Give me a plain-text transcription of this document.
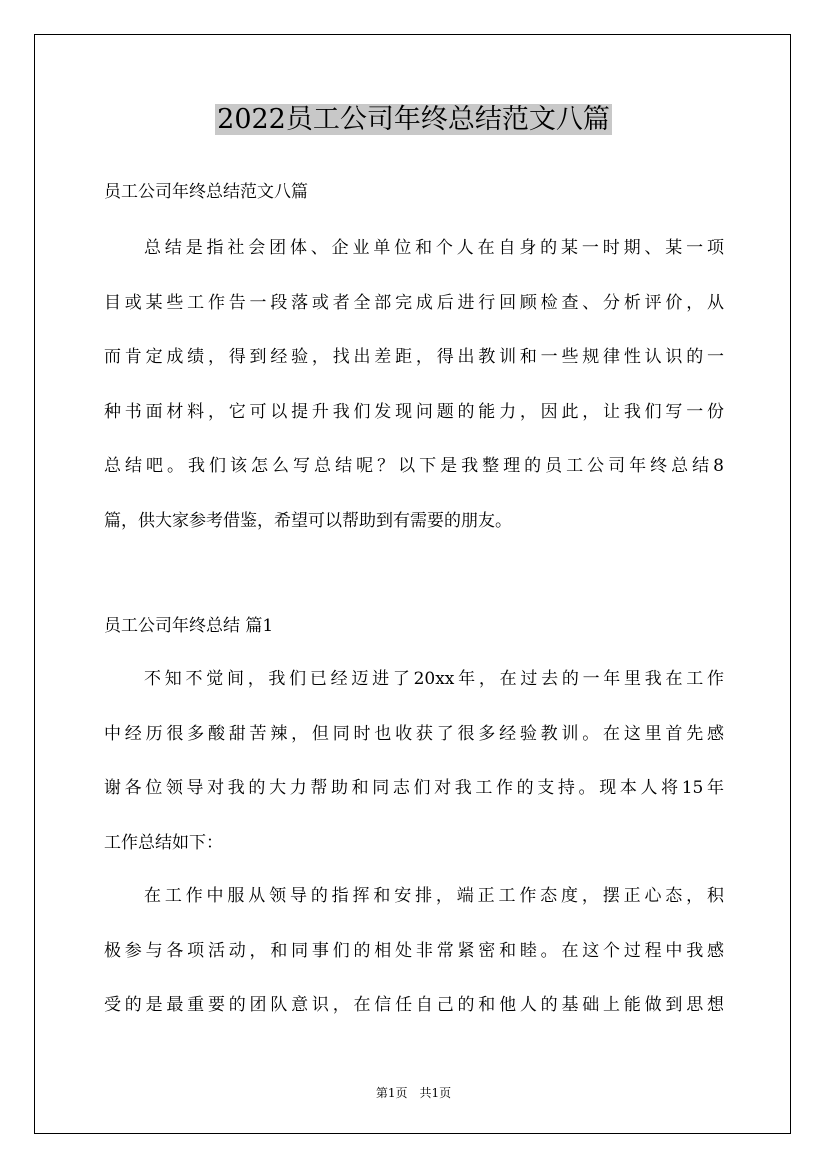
2022员工公司年终总结范文八篇
员工公司年终总结范文八篇
总结是指社会团体、企业单位和个人在自身的某一时期、某一项
目或某些工作告一段落或者全部完成后进行回顾检查、分析评价，从
而肯定成绩，得到经验，找出差距，得出教训和一些规律性认识的一
种书面材料，它可以提升我们发现问题的能力，因此，让我们写一份
总结吧。我们该怎么写总结呢？以下是我整理的员工公司年终总结8
篇，供大家参考借鉴，希望可以帮助到有需要的朋友。
员工公司年终总结 篇1
不知不觉间，我们已经迈进了20xx年，在过去的一年里我在工作
中经历很多酸甜苦辣，但同时也收获了很多经验教训。在这里首先感
谢各位领导对我的大力帮助和同志们对我工作的支持。现本人将15年
工作总结如下：
在工作中服从领导的指挥和安排，端正工作态度，摆正心态，积
极参与各项活动，和同事们的相处非常紧密和睦。在这个过程中我感
受的是最重要的团队意识，在信任自己的和他人的基础上能做到思想
第1页 共1页
